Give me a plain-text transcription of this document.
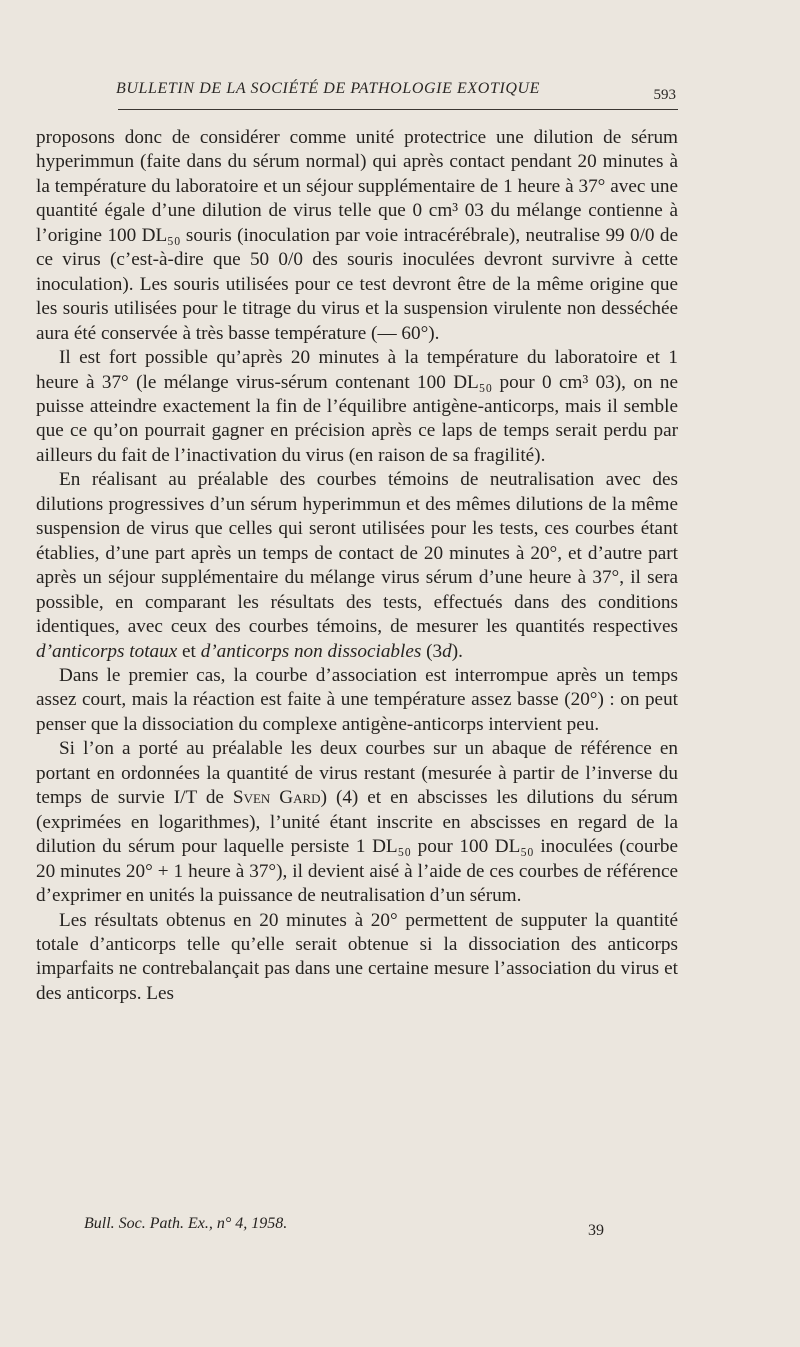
BULLETIN DE LA SOCIÉTÉ DE PATHOLOGIE EXOTIQUE	593

proposons donc de considérer comme unité protectrice une dilution de sérum hyperimmun (faite dans du sérum normal) qui après contact pendant 20 minutes à la température du laboratoire et un séjour supplémentaire de 1 heure à 37° avec une quantité égale d’une dilution de virus telle que 0 cm³ 03 du mélange contienne à l’origine 100 DL₅₀ souris (inoculation par voie intracérébrale), neutralise 99 0/0 de ce virus (c’est-à-dire que 50 0/0 des souris inoculées devront survivre à cette inoculation). Les souris utilisées pour ce test devront être de la même origine que les souris utilisées pour le titrage du virus et la suspension virulente non desséchée aura été conservée à très basse température (— 60°).

Il est fort possible qu’après 20 minutes à la température du laboratoire et 1 heure à 37° (le mélange virus-sérum contenant 100 DL₅₀ pour 0 cm³ 03), on ne puisse atteindre exactement la fin de l’équilibre antigène-anticorps, mais il semble que ce qu’on pourrait gagner en précision après ce laps de temps serait perdu par ailleurs du fait de l’inactivation du virus (en raison de sa fragilité).

En réalisant au préalable des courbes témoins de neutralisation avec des dilutions progressives d’un sérum hyperimmun et des mêmes dilutions de la même suspension de virus que celles qui seront utilisées pour les tests, ces courbes étant établies, d’une part après un temps de contact de 20 minutes à 20°, et d’autre part après un séjour supplémentaire du mélange virus sérum d’une heure à 37°, il sera possible, en comparant les résultats des tests, effectués dans des conditions identiques, avec ceux des courbes témoins, de mesurer les quantités respectives d’anticorps totaux et d’anticorps non dissociables (3d).

Dans le premier cas, la courbe d’association est interrompue après un temps assez court, mais la réaction est faite à une température assez basse (20°) : on peut penser que la dissociation du complexe antigène-anticorps intervient peu.

Si l’on a porté au préalable les deux courbes sur un abaque de référence en portant en ordonnées la quantité de virus restant (mesurée à partir de l’inverse du temps de survie I/T de Sven Gard) (4) et en abscisses les dilutions du sérum (exprimées en logarithmes), l’unité étant inscrite en abscisses en regard de la dilution du sérum pour laquelle persiste 1 DL₅₀ pour 100 DL₅₀ inoculées (courbe 20 minutes 20° + 1 heure à 37°), il devient aisé à l’aide de ces courbes de référence d’exprimer en unités la puissance de neutralisation d’un sérum.

Les résultats obtenus en 20 minutes à 20° permettent de supputer la quantité totale d’anticorps telle qu’elle serait obtenue si la dissociation des anticorps imparfaits ne contrebalançait pas dans une certaine mesure l’association du virus et des anticorps. Les

Bull. Soc. Path. Ex., n° 4, 1958.	39
